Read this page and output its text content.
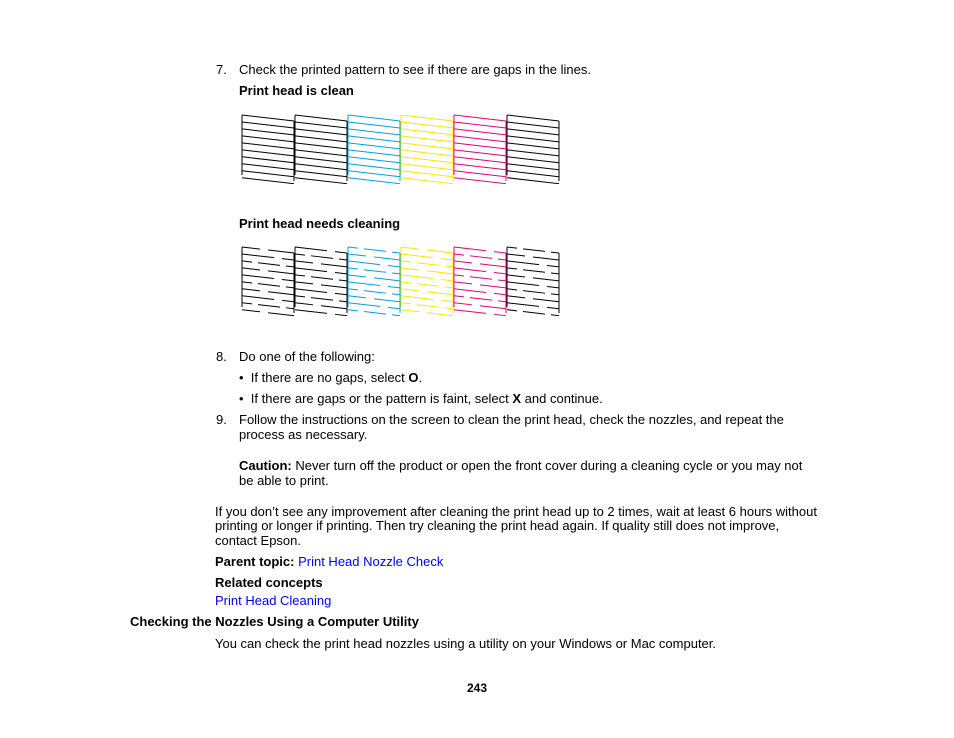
7. Check the printed pattern to see if there are gaps in the lines.
Print head is clean
Print head needs cleaning
8. Do one of the following:
• If there are no gaps, select O.
• If there are gaps or the pattern is faint, select X and continue.
9. Follow the instructions on the screen to clean the print head, check the nozzles, and repeat the
process as necessary.
Caution: Never turn off the product or open the front cover during a cleaning cycle or you may not
be able to print.
If you don’t see any improvement after cleaning the print head up to 2 times, wait at least 6 hours without
printing or longer if printing. Then try cleaning the print head again. If quality still does not improve,
contact Epson.
Parent topic: Print Head Nozzle Check
Related concepts
Print Head Cleaning
Checking the Nozzles Using a Computer Utility
You can check the print head nozzles using a utility on your Windows or Mac computer.
243
